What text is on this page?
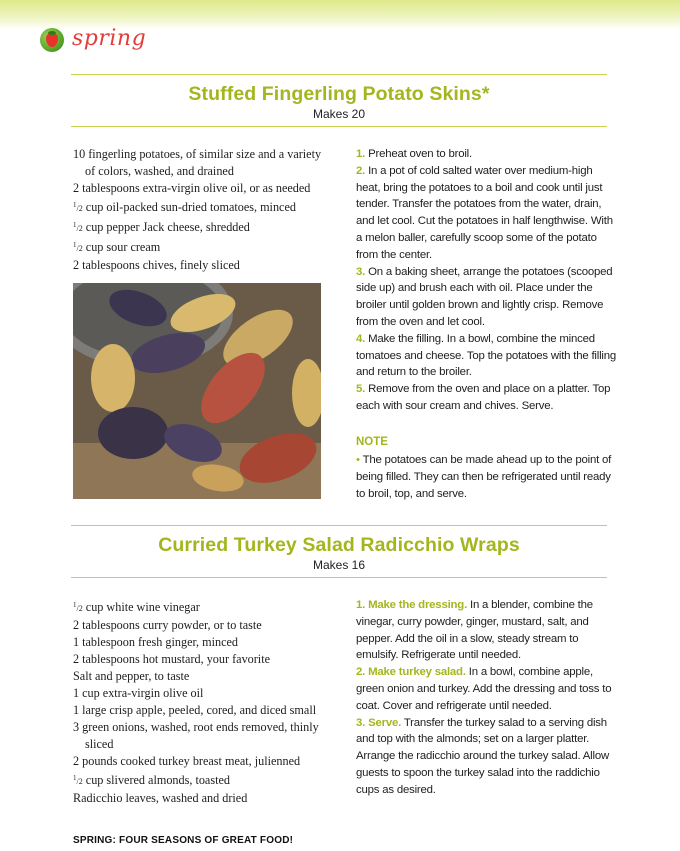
spring
Stuffed Fingerling Potato Skins*
Makes 20
10 fingerling potatoes, of similar size and a variety of colors, washed, and drained
2 tablespoons extra-virgin olive oil, or as needed
$^1$/2 cup oil-packed sun-dried tomatoes, minced
$^1$/2 cup pepper Jack cheese, shredded
$^1$/2 cup sour cream
2 tablespoons chives, finely sliced
1. Preheat oven to broil.
2. In a pot of cold salted water over medium-high heat, bring the potatoes to a boil and cook until just tender. Transfer the potatoes from the water, drain, and let cool. Cut the potatoes in half lengthwise. With a melon baller, carefully scoop some of the potato from the center.
3. On a baking sheet, arrange the potatoes (scooped side up) and brush each with oil. Place under the broiler until golden brown and lightly crisp. Remove from the oven and let cool.
4. Make the filling. In a bowl, combine the minced tomatoes and cheese. Top the potatoes with the filling and return to the broiler.
5. Remove from the oven and place on a platter. Top each with sour cream and chives. Serve.
NOTE

• The potatoes can be made ahead up to the point of being filled. They can then be refrigerated until ready to broil, top, and serve.

Curried Turkey Salad Radicchio Wraps
Makes 16
$^1$/2 cup white wine vinegar
2 tablespoons curry powder, or to taste
1 tablespoon fresh ginger, minced
2 tablespoons hot mustard, your favorite
Salt and pepper, to taste
1 cup extra-virgin olive oil
1 large crisp apple, peeled, cored, and diced small
3 green onions, washed, root ends removed, thinly sliced
2 pounds cooked turkey breast meat, julienned
$^1$/2 cup slivered almonds, toasted
Radicchio leaves, washed and dried
1. Make the dressing. In a blender, combine the vinegar, curry powder, ginger, mustard, salt, and pepper. Add the oil in a slow, steady stream to emulsify. Refrigerate until needed.
2. Make turkey salad. In a bowl, combine apple, green onion and turkey. Add the dressing and toss to coat. Cover and refrigerate until needed.
3. Serve. Transfer the turkey salad to a serving dish and top with the almonds; set on a larger platter. Arrange the radicchio around the turkey salad. Allow guests to spoon the turkey salad into the raddichio cups as desired.
SPRING: FOUR SEASONS OF GREAT FOOD!
